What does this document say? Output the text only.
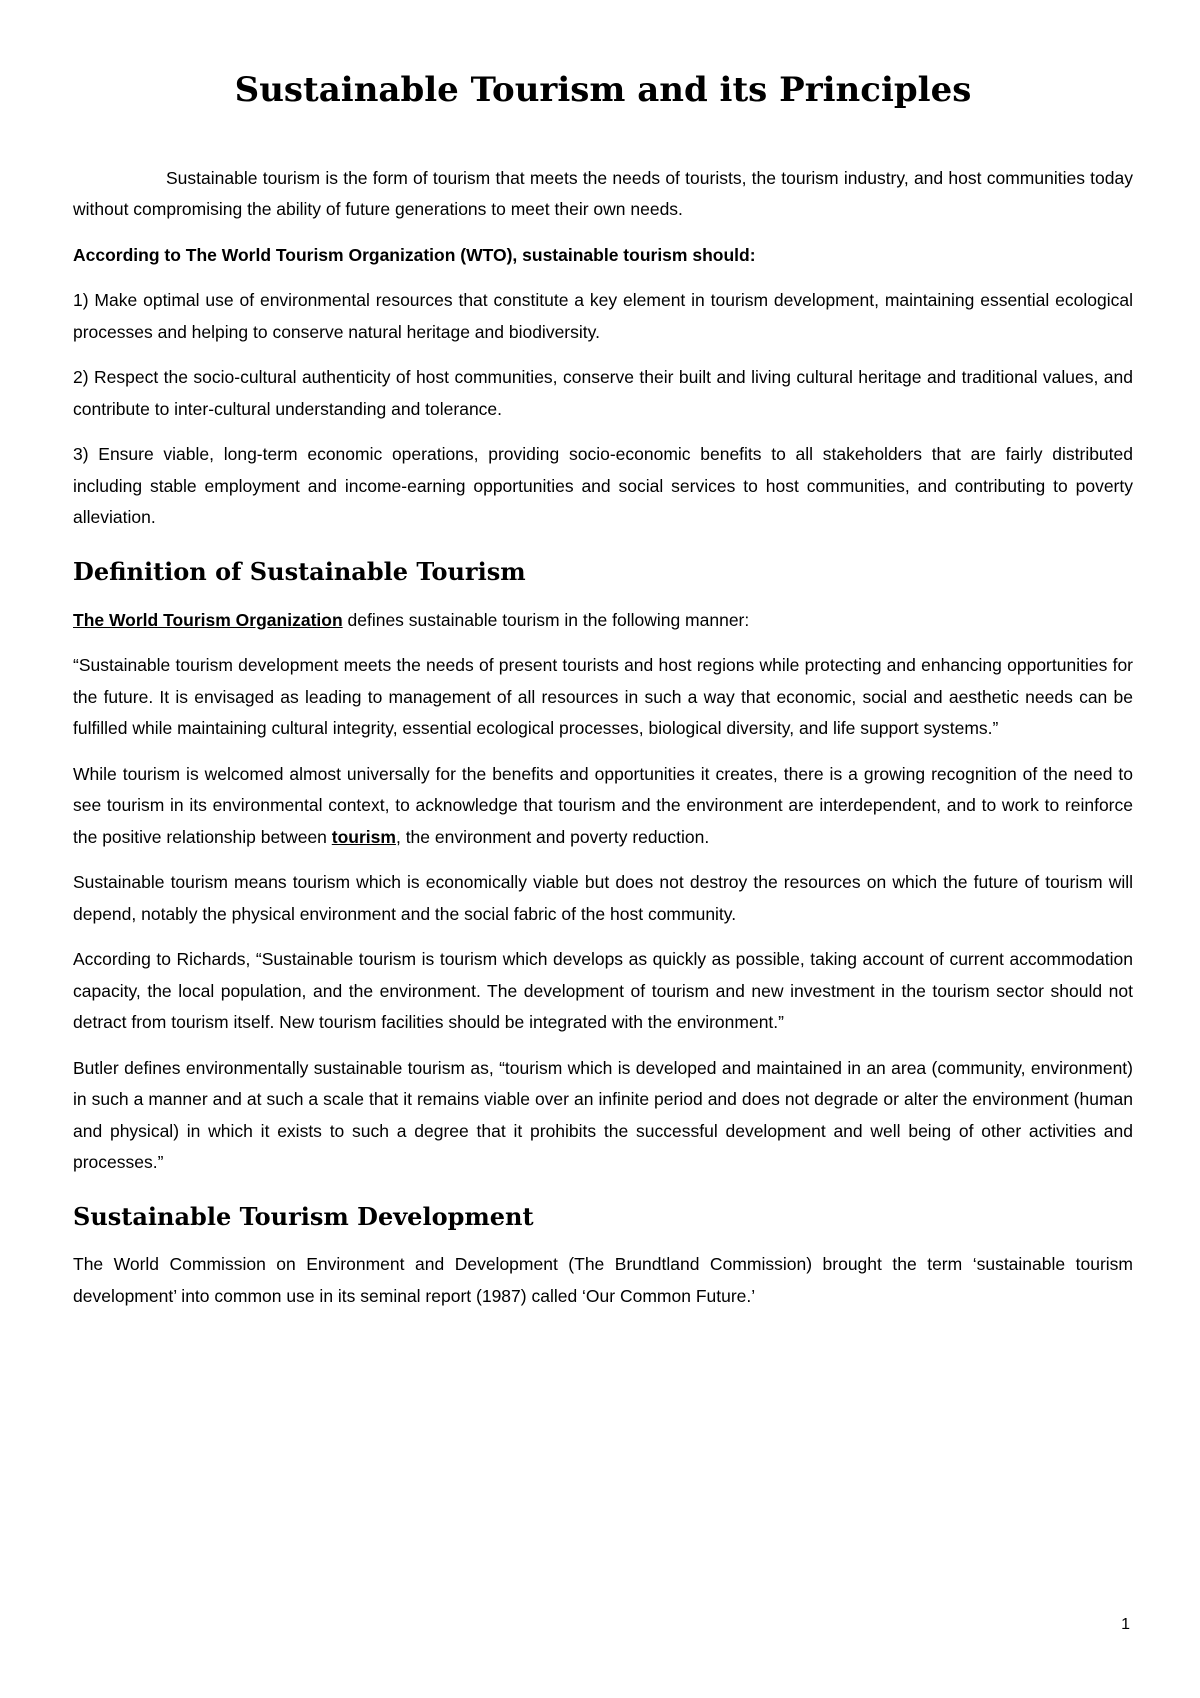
Sustainable Tourism and its Principles

Sustainable tourism is the form of tourism that meets the needs of tourists, the tourism industry, and host communities today without compromising the ability of future generations to meet their own needs.

According to The World Tourism Organization (WTO), sustainable tourism should:

1) Make optimal use of environmental resources that constitute a key element in tourism development, maintaining essential ecological processes and helping to conserve natural heritage and biodiversity.

2) Respect the socio-cultural authenticity of host communities, conserve their built and living cultural heritage and traditional values, and contribute to inter-cultural understanding and tolerance.

3) Ensure viable, long-term economic operations, providing socio-economic benefits to all stakeholders that are fairly distributed including stable employment and income-earning opportunities and social services to host communities, and contributing to poverty alleviation.

Definition of Sustainable Tourism

The World Tourism Organization defines sustainable tourism in the following manner:

“Sustainable tourism development meets the needs of present tourists and host regions while protecting and enhancing opportunities for the future. It is envisaged as leading to management of all resources in such a way that economic, social and aesthetic needs can be fulfilled while maintaining cultural integrity, essential ecological processes, biological diversity, and life support systems.”

While tourism is welcomed almost universally for the benefits and opportunities it creates, there is a growing recognition of the need to see tourism in its environmental context, to acknowledge that tourism and the environment are interdependent, and to work to reinforce the positive relationship between tourism, the environment and poverty reduction.

Sustainable tourism means tourism which is economically viable but does not destroy the resources on which the future of tourism will depend, notably the physical environment and the social fabric of the host community.

According to Richards, “Sustainable tourism is tourism which develops as quickly as possible, taking account of current accommodation capacity, the local population, and the environment. The development of tourism and new investment in the tourism sector should not detract from tourism itself. New tourism facilities should be integrated with the environment.”

Butler defines environmentally sustainable tourism as, “tourism which is developed and maintained in an area (community, environment) in such a manner and at such a scale that it remains viable over an infinite period and does not degrade or alter the environment (human and physical) in which it exists to such a degree that it prohibits the successful development and well being of other activities and processes.”

Sustainable Tourism Development

The World Commission on Environment and Development (The Brundtland Commission) brought the term ‘sustainable tourism development’ into common use in its seminal report (1987) called ‘Our Common Future.’

1
